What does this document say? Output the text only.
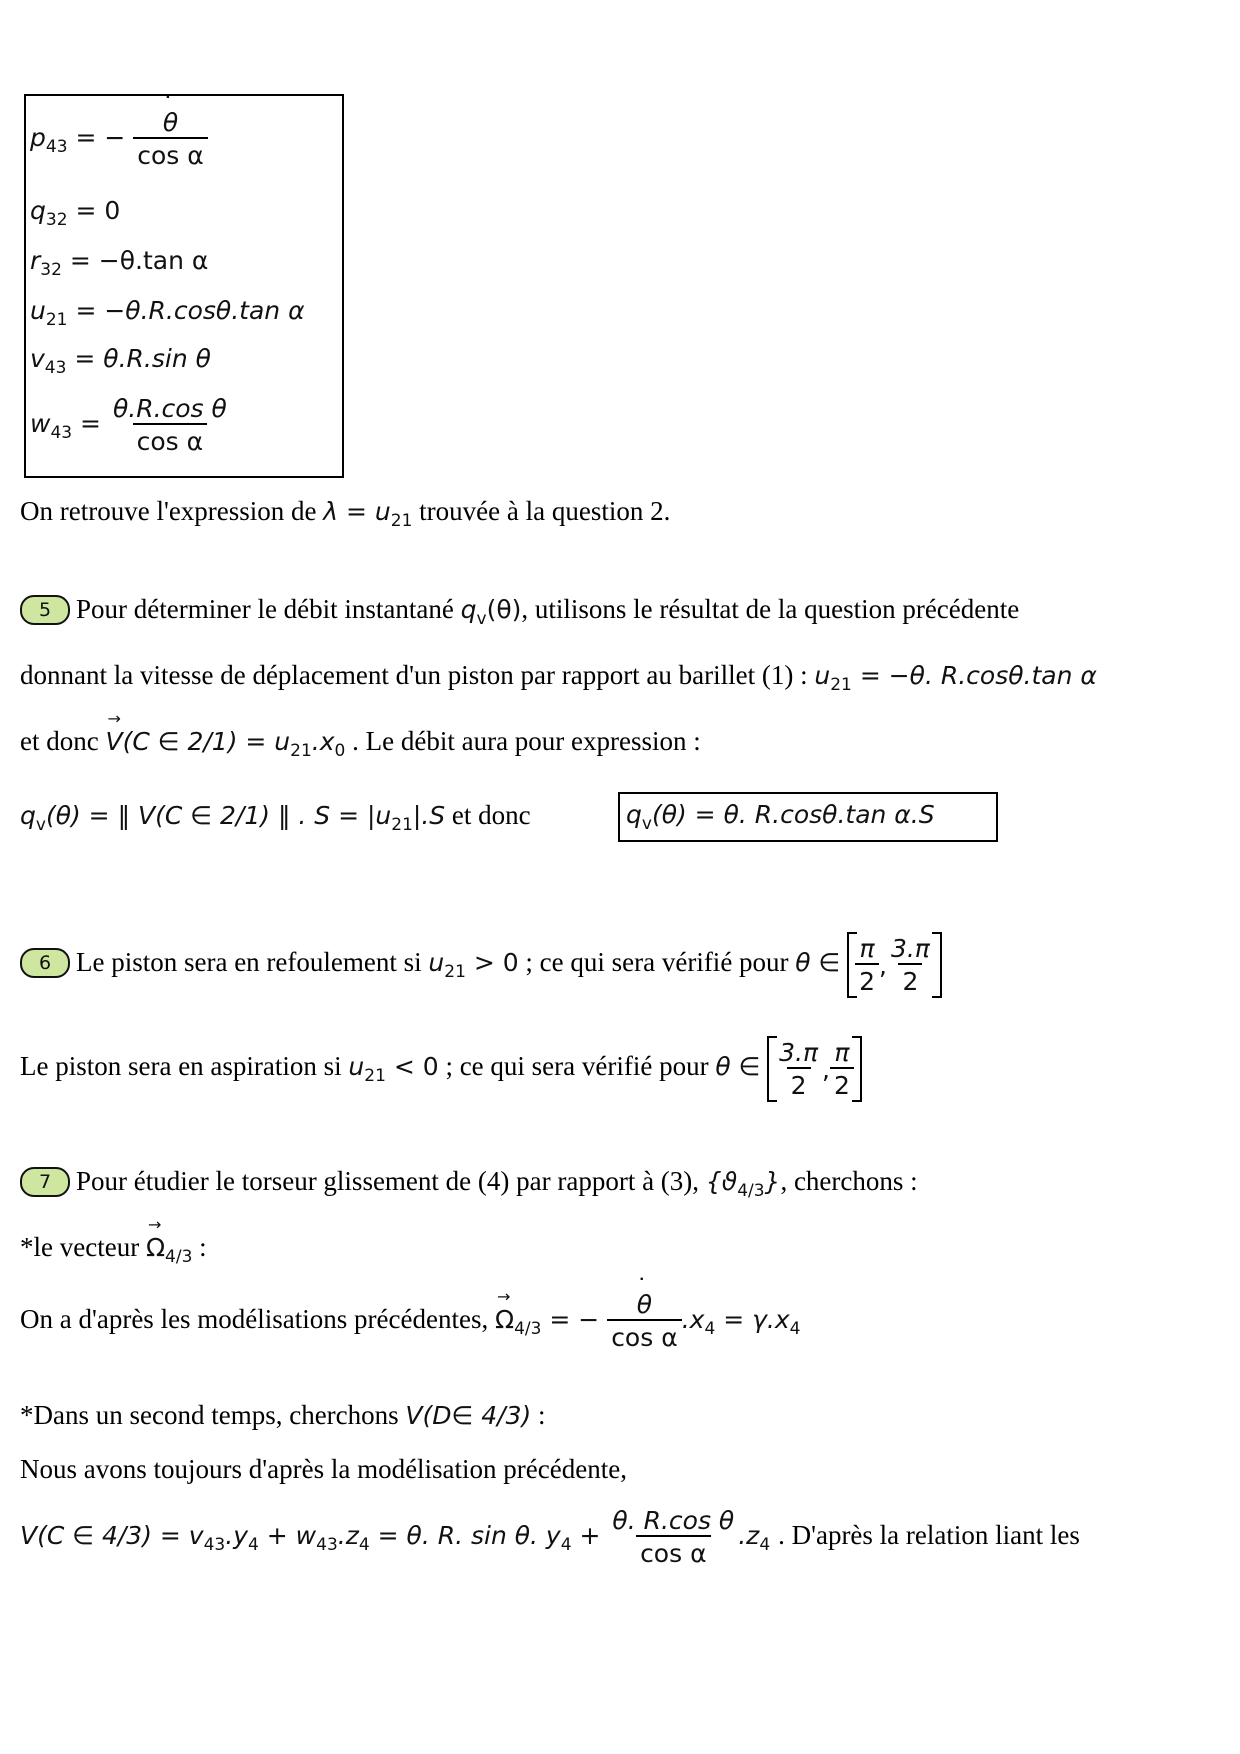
$p_{43}$ = − ˙ $\frac{\theta}{\text{cos α}}$
$q_{32} = 0$
$r_{32} = -\theta.\tan$ α
$u_{21} = -\theta.R.\cos\theta.\tan$ α
$v_{43} = \theta.R.\sin$ θ
$w_{43} = \frac{\text{θ.R.cos θ}}{\text{cos α}}$
On retrouve l'expression de $\lambda = u_{21}$ trouvée à la question 2.
5 Pour déterminer le débit instantané $q_v(\theta)$, utilisons le résultat de la question précédente
donnant la vitesse de déplacement d'un piston par rapport au barillet (1) : $u_{21} = -\theta$. R.cosθ.tan α
et donc → V(C ∈ $2/1) = u_{21}.x_0$ . Le débit aura pour expression :
$q_v(\theta)$ = ‖ V(C ∈ 2/1) ‖ . $S = |u_{21}|.S$ et donc	$q_v(\theta) = \theta$. R.cosθ.tan α.S
6 Le piston sera en refoulement si $u_{21} > 0$ ; ce qui sera vérifié pour θ ∈ $\frac{\pi}{2}$ , $\frac{3.\pi}{2}$
Le piston sera en aspiration si $u_{21} < 0$ ; ce qui sera vérifié pour θ ∈ $\frac{3.\pi}{2}$ , $\frac{\pi}{2}$
7 Pour étudier le torseur glissement de (4) par rapport à (3), $\{ϑ_{4/3}\}$, cherchons :
*le vecteur → $\Omega_{4/3}$ :
On a d'après les modélisations précédentes, → $\Omega_{4/3}$ = − ˙ $\frac{\theta}{\text{cos α}} .x_4 = \gamma.x_4$
*Dans un second temps, cherchons V(D∈ 4/3) :
Nous avons toujours d'après la modélisation précédente,
V(C ∈ $4/3) = v_{43}.y_4 + w_{43}.z_4 = \theta$. R. sin θ. $y_4 + \frac{\text{θ. R.cos θ}}{\text{cos α}} .z_4$ . D'après la relation liant les
